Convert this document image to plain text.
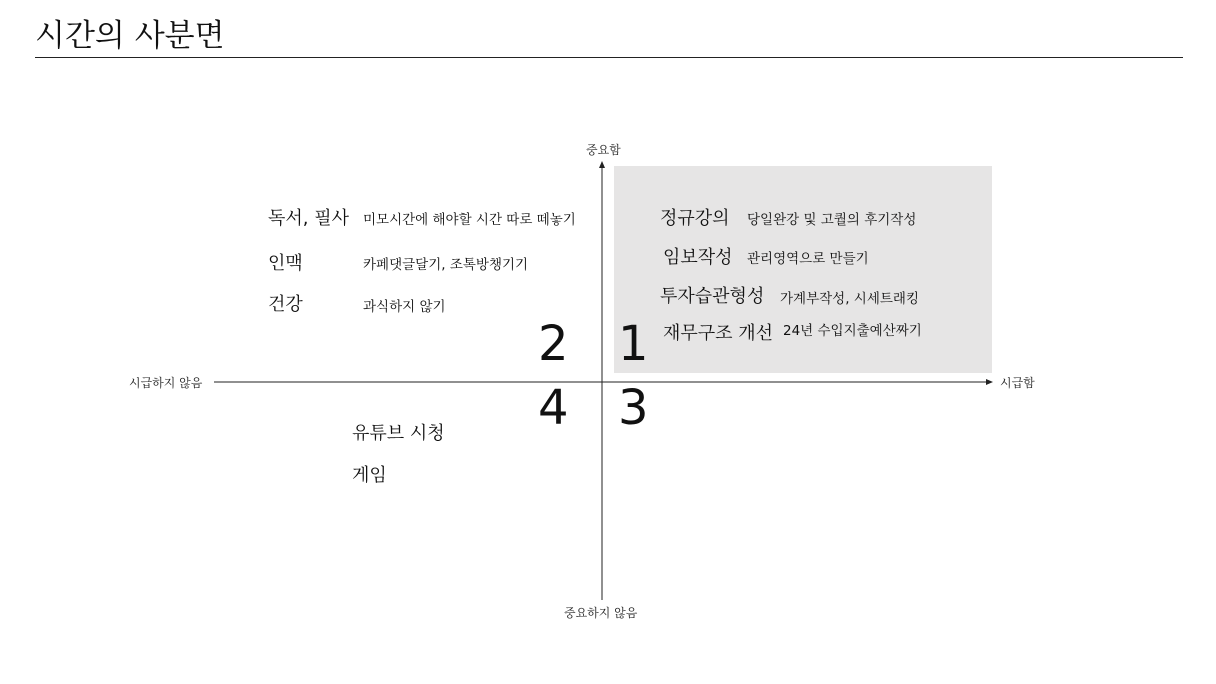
시간의 사분면
중요함
중요하지 않음
시급하지 않음	시급함
2 1
4 3
정규강의 당일완강 및 고퀄의 후기작성
임보작성 관리영역으로 만들기
투자습관형성 가계부작성, 시세트래킹
재무구조 개선 24년 수입지출예산짜기
독서, 필사 미모시간에 해야할 시간 따로 떼놓기
인맥	카페댓글달기, 조톡방챙기기
건강	과식하지 않기
유튜브 시청
게임
